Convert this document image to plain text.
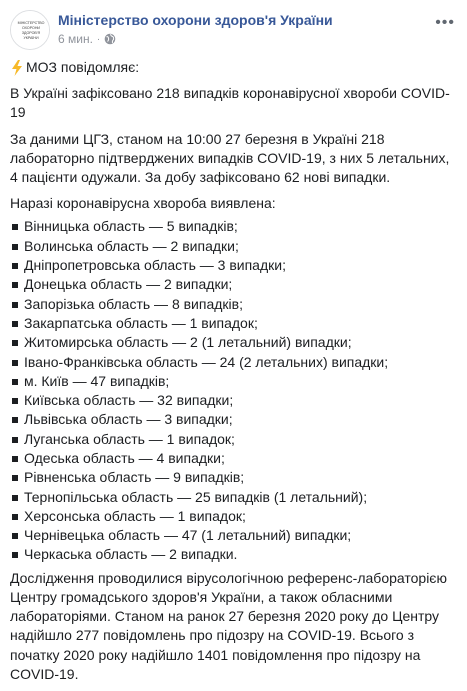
МІНІСТЕРСТВО
ОХОРОНИ
ЗДОРОВ'Я
УКРАЇНИ
Міністерство охорони здоров'я України
6 мин. ·
•••

МОЗ повідомляє:

В Україні зафіксовано 218 випадків коронавірусної хвороби COVID-19

За даними ЦГЗ, станом на 10:00 27 березня в Україні 218 лабораторно підтверджених випадків COVID-19, з них 5 летальних, 4 пацієнти одужали. За добу зафіксовано 62 нові випадки.

Наразі коронавірусна хвороба виявлена:

Вінницька область — 5 випадків;
Волинська область — 2 випадки;
Дніпропетровська область — 3 випадки;
Донецька область — 2 випадки;
Запорізька область — 8 випадків;
Закарпатська область — 1 випадок;
Житомирська область — 2 (1 летальний) випадки;
Івано-Франківська область — 24 (2 летальних) випадки;
м. Київ — 47 випадків;
Київська область — 32 випадки;
Львівська область — 3 випадки;
Луганська область — 1 випадок;
Одеська область — 4 випадки;
Рівненська область — 9 випадків;
Тернопільська область — 25 випадків (1 летальний);
Херсонська область — 1 випадок;
Чернівецька область — 47 (1 летальний) випадки;
Черкаська область — 2 випадки.

Дослідження проводилися вірусологічною референс-лабораторією Центру громадського здоров'я України, а також обласними лабораторіями. Станом на ранок 27 березня 2020 року до Центру надійшло 277 повідомлень про підозру на COVID-19. Всього з початку 2020 року надійшло 1401 повідомлення про підозру на COVID-19.
